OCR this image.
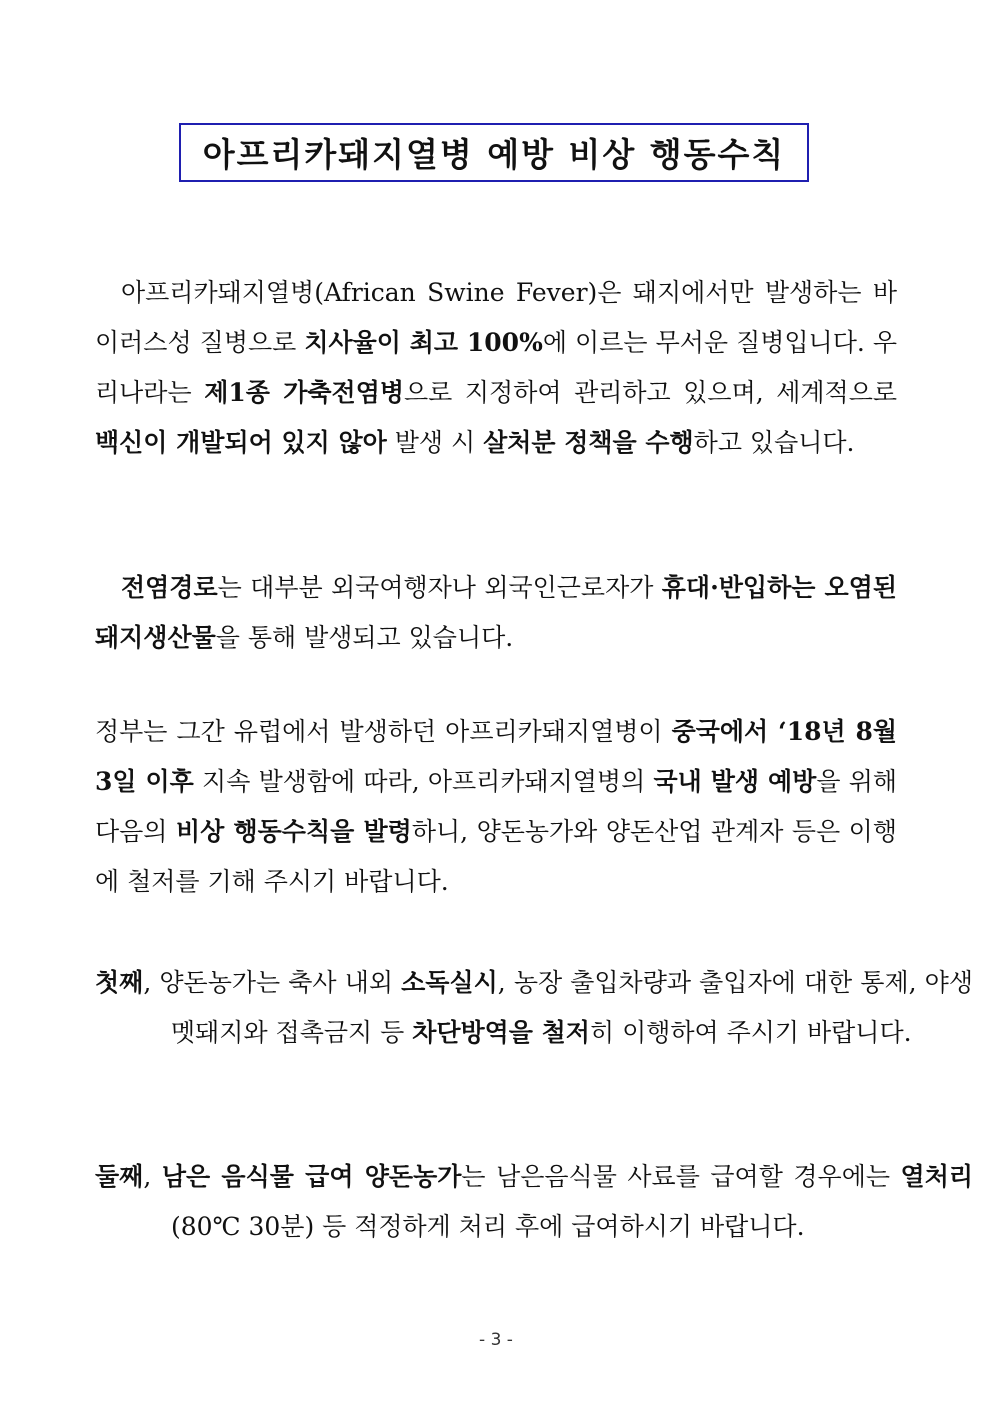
아프리카돼지열병 예방 비상 행동수칙

아프리카돼지열병(African Swine Fever)은 돼지에서만 발생하는 바이러스성 질병으로 치사율이 최고 100%에 이르는 무서운 질병입니다. 우리나라는 제1종 가축전염병으로 지정하여 관리하고 있으며, 세계적으로 백신이 개발되어 있지 않아 발생 시 살처분 정책을 수행하고 있습니다.

전염경로는 대부분 외국여행자나 외국인근로자가 휴대·반입하는 오염된 돼지생산물을 통해 발생되고 있습니다.

정부는 그간 유럽에서 발생하던 아프리카돼지열병이 중국에서 ‘18년 8월 3일 이후 지속 발생함에 따라, 아프리카돼지열병의 국내 발생 예방을 위해 다음의 비상 행동수칙을 발령하니, 양돈농가와 양돈산업 관계자 등은 이행에 철저를 기해 주시기 바랍니다.

첫째, 양돈농가는 축사 내외 소독실시, 농장 출입차량과 출입자에 대한 통제, 야생멧돼지와 접촉금지 등 차단방역을 철저히 이행하여 주시기 바랍니다.

둘째, 남은 음식물 급여 양돈농가는 남은음식물 사료를 급여할 경우에는 열처리(80℃ 30분) 등 적정하게 처리 후에 급여하시기 바랍니다.

- 3 -
